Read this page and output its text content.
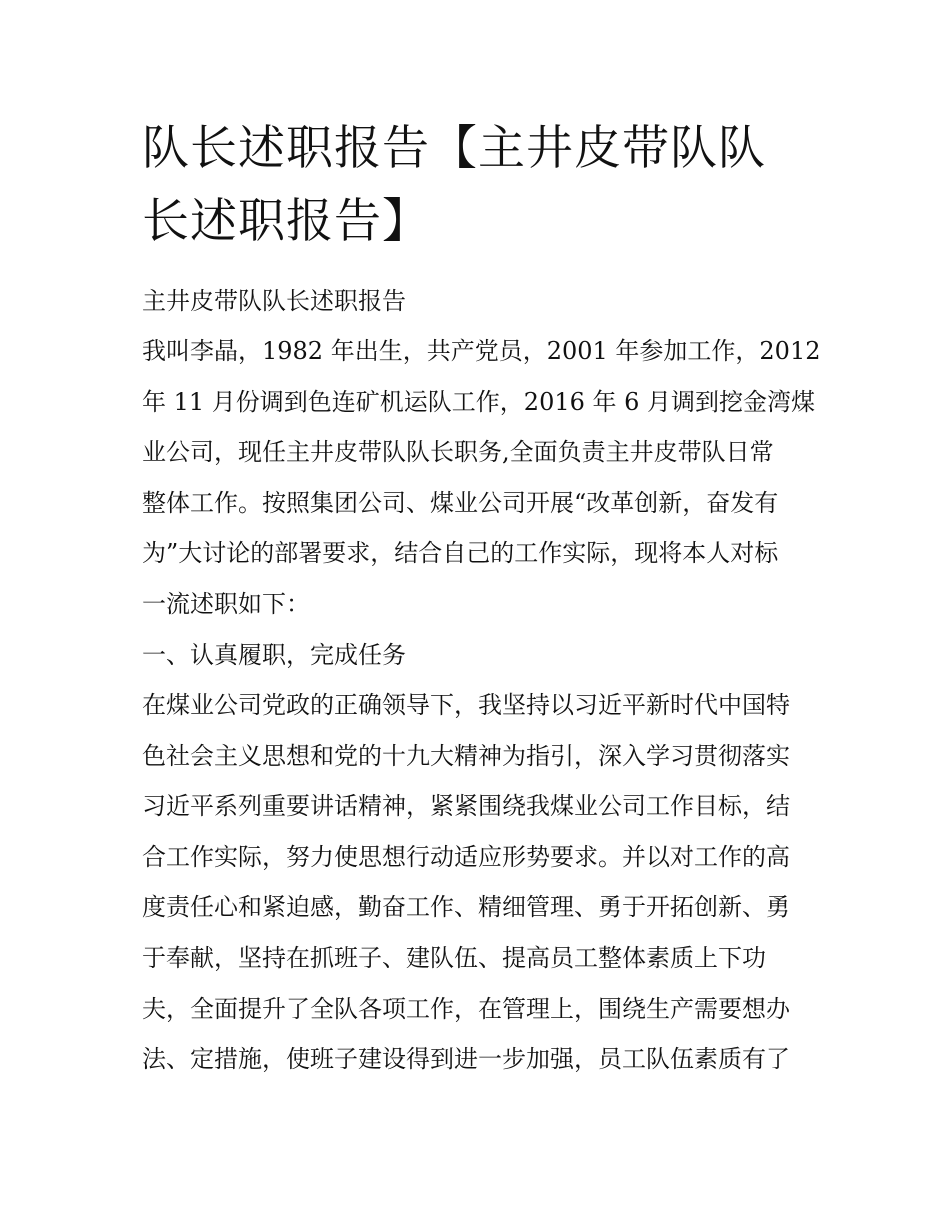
队长述职报告【主井皮带队队
长述职报告】

主井皮带队队长述职报告

我叫李晶，1982 年出生，共产党员，2001 年参加工作，2012
年 11 月份调到色连矿机运队工作，2016 年 6 月调到挖金湾煤
业公司，现任主井皮带队队长职务,全面负责主井皮带队日常
整体工作。按照集团公司、煤业公司开展“改革创新，奋发有
为”大讨论的部署要求，结合自己的工作实际，现将本人对标
一流述职如下：

一、认真履职，完成任务

在煤业公司党政的正确领导下，我坚持以习近平新时代中国特
色社会主义思想和党的十九大精神为指引，深入学习贯彻落实
习近平系列重要讲话精神，紧紧围绕我煤业公司工作目标，结
合工作实际，努力使思想行动适应形势要求。并以对工作的高
度责任心和紧迫感，勤奋工作、精细管理、勇于开拓创新、勇
于奉献，坚持在抓班子、建队伍、提高员工整体素质上下功
夫，全面提升了全队各项工作，在管理上，围绕生产需要想办
法、定措施，使班子建设得到进一步加强，员工队伍素质有了
